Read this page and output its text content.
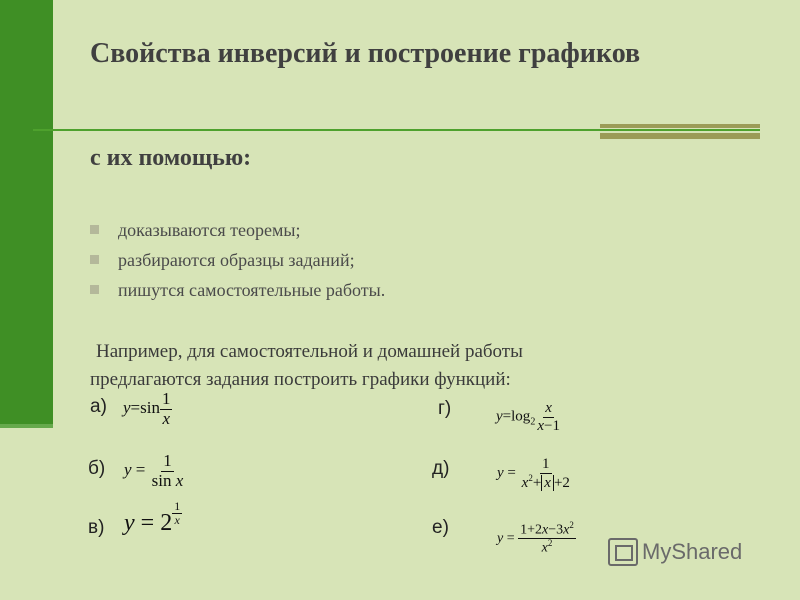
Свойства инверсий и построение графиков
с их помощью:
доказываются теоремы;
разбираются образцы заданий;
пишутся самостоятельные работы.
Например, для самостоятельной и домашней работы
предлагаются задания построить графики функций:
а)
б)
в)
г)
д)
е)
$y=\sin \frac{1}{x}$
$y = \frac{1}{\text{sin x}}$
$y = 2 \frac{1}{x}$
$y=\log_2 \frac{x}{x-1}$
$y = \frac{1}{x^2+ x +2}$
$y = \frac{1+2x-3x^2}{x^2}$	MyShared
